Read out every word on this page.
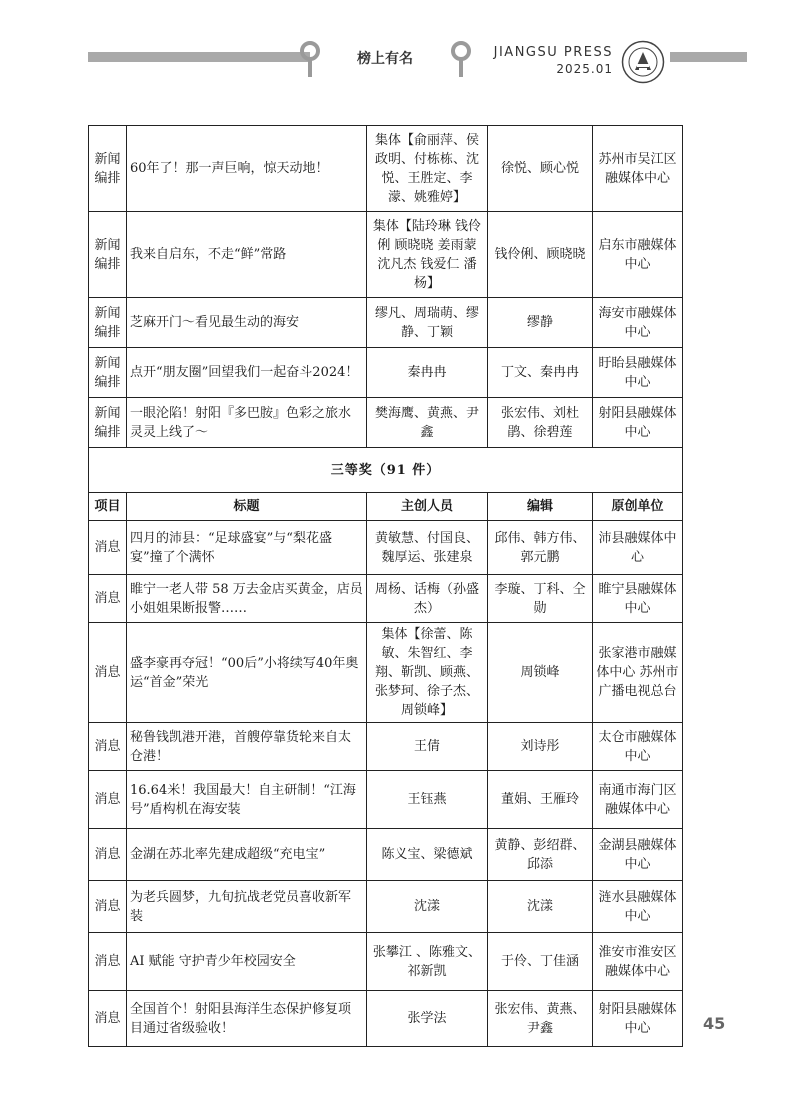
榜上有名	JIANGSU PRESS
2025.01
新闻编排	60年了！那一声巨响，惊天动地！	集体【俞丽萍、侯政明、付栋栋、沈悦、王胜定、李濛、姚雅婷】	徐悦、顾心悦	苏州市吴江区融媒体中心
新闻编排	我来自启东，不走“鲜”常路	集体【陆玲琳 钱伶俐 顾晓晓 姜雨蒙 沈凡杰 钱爱仁 潘杨】	钱伶俐、顾晓晓	启东市融媒体中心
新闻编排	芝麻开门～看见最生动的海安	缪凡、周瑞萌、缪静、丁颖	缪静	海安市融媒体中心
新闻编排	点开“朋友圈”回望我们一起奋斗2024！	秦冉冉	丁文、秦冉冉	盱眙县融媒体中心
新闻编排	一眼沦陷！射阳『多巴胺』色彩之旅水灵灵上线了～	樊海鹰、黄燕、尹鑫	张宏伟、刘杜鹃、徐碧莲	射阳县融媒体中心
三等奖（91 件）				
项目	标题	主创人员	编辑	原创单位
消息	四月的沛县：“足球盛宴”与“梨花盛宴”撞了个满怀	黄敏慧、付国良、魏厚运、张建泉	邱伟、韩方伟、郭元鹏	沛县融媒体中心
消息	睢宁一老人带 58 万去金店买黄金，店员小姐姐果断报警……	周杨、话梅（孙盛杰）	李璇、丁科、仝勋	睢宁县融媒体中心
消息	盛李豪再夺冠！“00后”小将续写40年奥运“首金”荣光	集体【徐蕾、陈敏、朱智红、李翔、靳凯、顾燕、张梦珂、徐子杰、周锁峰】	周锁峰	张家港市融媒体中心 苏州市广播电视总台
消息	秘鲁钱凯港开港，首艘停靠货轮来自太仓港！	王倩	刘诗彤	太仓市融媒体中心
消息	16.64米！我国最大！自主研制！“江海号”盾构机在海安装	王钰燕	董娟、王雁玲	南通市海门区融媒体中心
消息	金湖在苏北率先建成超级“充电宝”	陈义宝、梁德斌	黄静、彭绍群、邱添	金湖县融媒体中心
消息	为老兵圆梦，九旬抗战老党员喜收新军装	沈漾	沈漾	涟水县融媒体中心
消息	AI 赋能 守护青少年校园安全	张攀江 、陈雅文、祁新凯	于伶、丁佳涵	淮安市淮安区融媒体中心
消息	全国首个！射阳县海洋生态保护修复项目通过省级验收！	张学法	张宏伟、黄燕、尹鑫	射阳县融媒体中心	45
